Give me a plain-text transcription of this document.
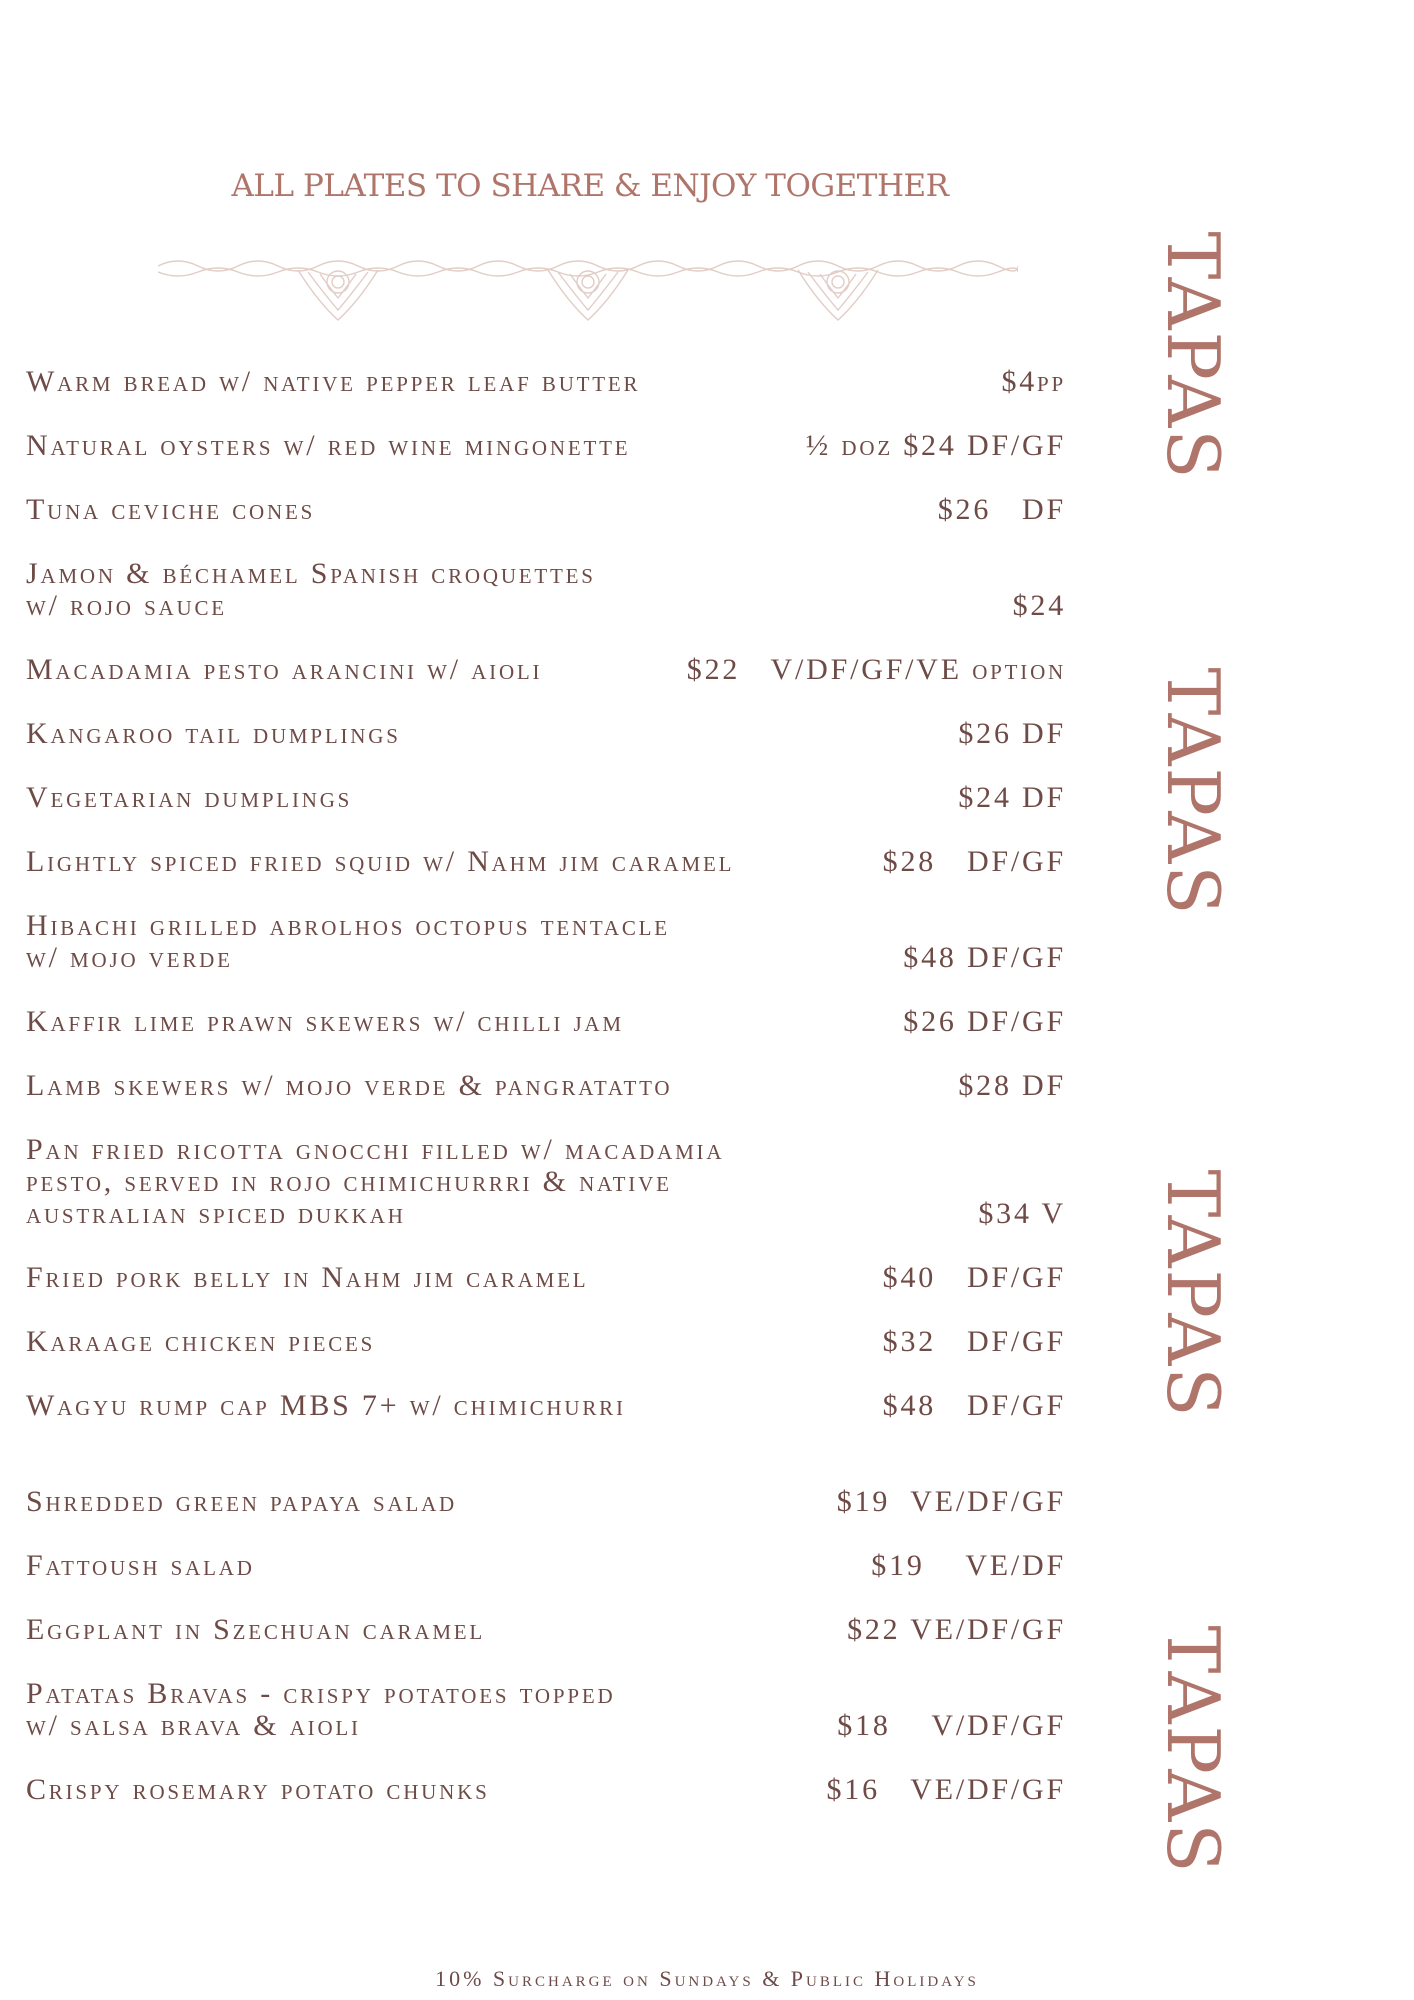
ALL PLATES TO SHARE & ENJOY TOGETHER
Warm bread w/ native pepper leaf butter	$4pp
Natural oysters w/ red wine mingonette	½ doz $24 DF/GF
Tuna ceviche cones	$26   DF
Jamon & béchamel Spanish croquettes
w/ rojo sauce	$24
Macadamia pesto arancini w/ aioli	$22   V/DF/GF/VE option
Kangaroo tail dumplings	$26 DF
Vegetarian dumplings	$24 DF
Lightly spiced fried squid w/ Nahm jim caramel	$28   DF/GF
Hibachi grilled abrolhos octopus tentacle
w/ mojo verde	$48 DF/GF
Kaffir lime prawn skewers w/ chilli jam	$26 DF/GF
Lamb skewers w/ mojo verde & pangratatto	$28 DF
Pan fried ricotta gnocchi filled w/ macadamia
pesto, served in rojo chimichurrri & native
australian spiced dukkah	$34 V
Fried pork belly in Nahm jim caramel	$40   DF/GF
Karaage chicken pieces	$32   DF/GF
Wagyu rump cap MBS 7+ w/ chimichurri	$48   DF/GF
Shredded green papaya salad	$19  VE/DF/GF
Fattoush salad	$19    VE/DF
Eggplant in Szechuan caramel	$22 VE/DF/GF
Patatas Bravas - crispy potatoes topped
w/ salsa brava & aioli	$18    V/DF/GF
Crispy rosemary potato chunks	$16   VE/DF/GF
TAPAS
TAPAS
TAPAS
TAPAS
10% Surcharge on Sundays & Public Holidays
